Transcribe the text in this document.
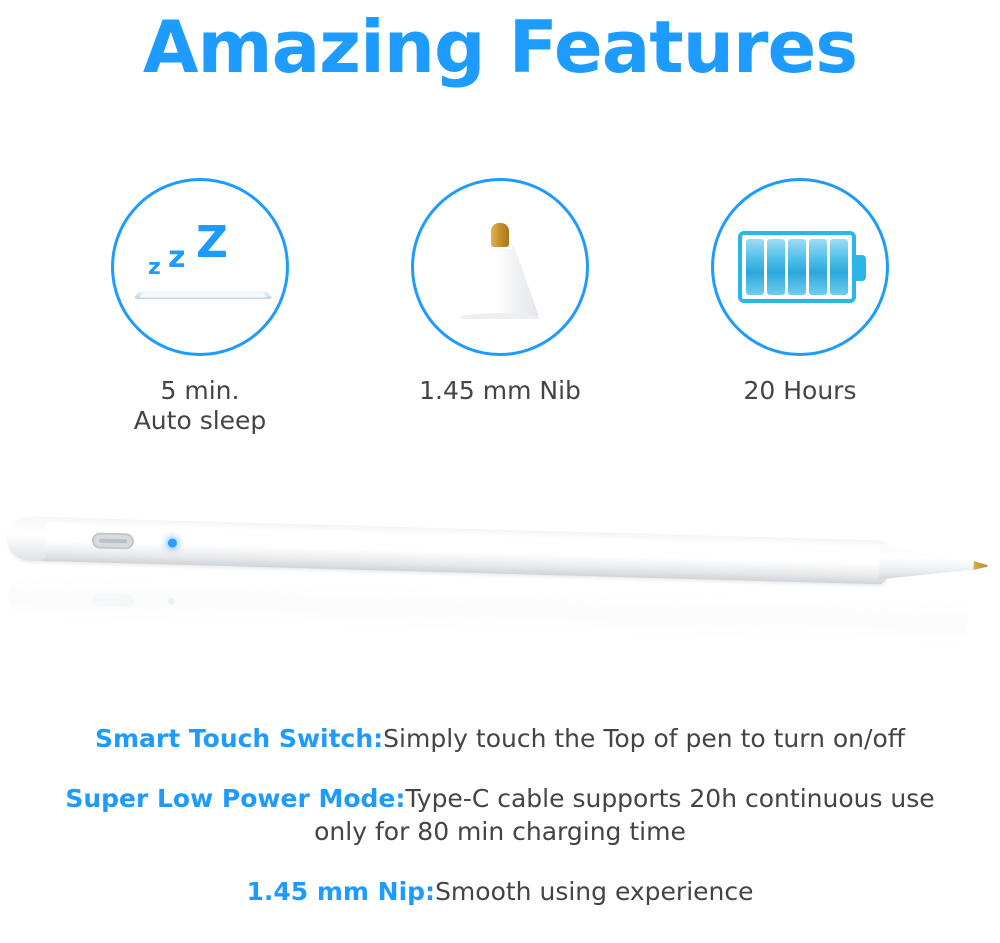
Amazing Features
z z Z
5 min.
Auto sleep
1.45 mm Nib	20 Hours
Smart Touch Switch:Simply touch the Top of pen to turn on/off
Super Low Power Mode:Type-C cable supports 20h continuous use
only for 80 min charging time
1.45 mm Nip:Smooth using experience
